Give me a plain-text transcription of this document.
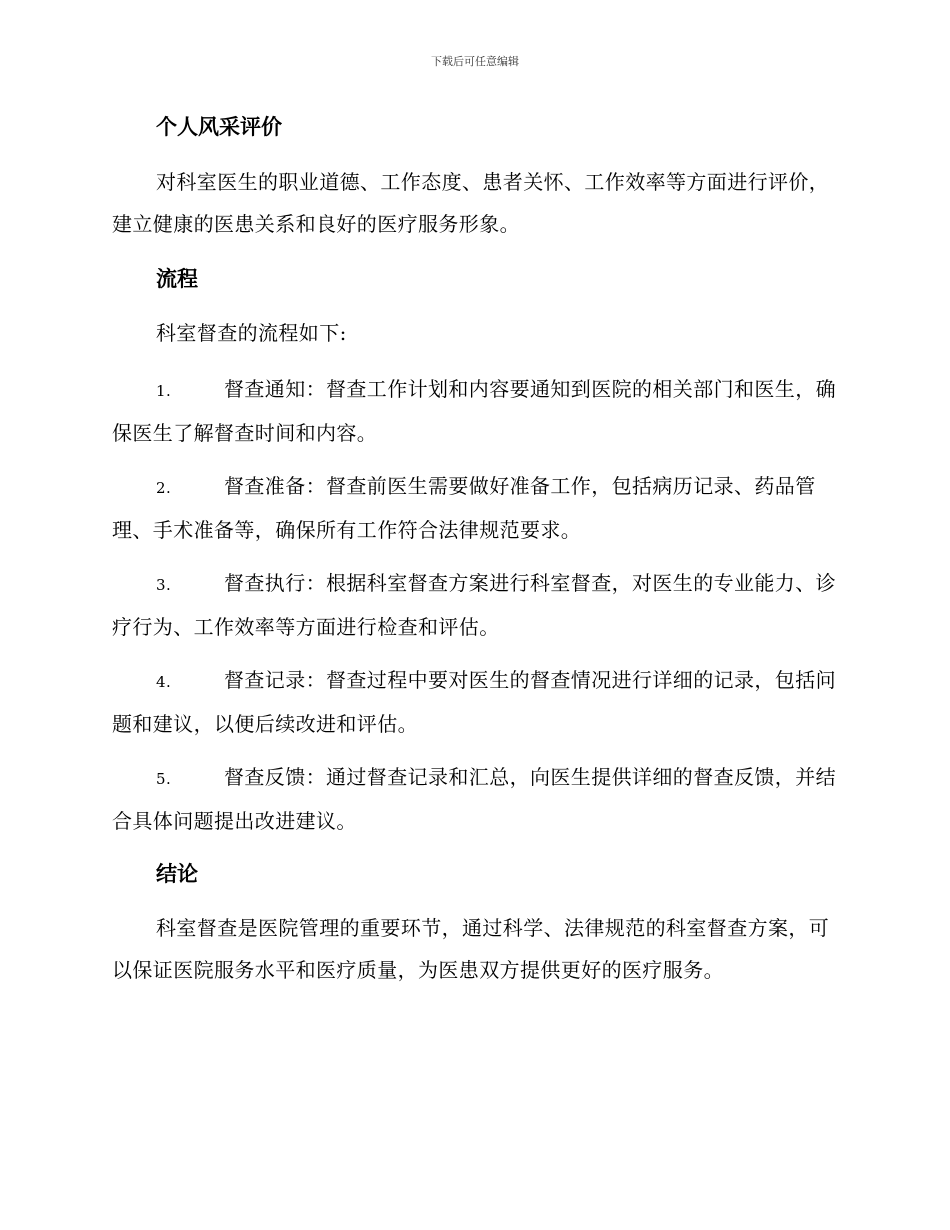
下载后可任意编辑
个人风采评价
对科室医生的职业道德、工作态度、患者关怀、工作效率等方面进行评价，建立健康的医患关系和良好的医疗服务形象。
流程
科室督查的流程如下:
1.	督查通知：督查工作计划和内容要通知到医院的相关部门和医生，确保医生了解督查时间和内容。
2.	督查准备：督查前医生需要做好准备工作，包括病历记录、药品管理、手术准备等，确保所有工作符合法律规范要求。
3.	督查执行：根据科室督查方案进行科室督查，对医生的专业能力、诊疗行为、工作效率等方面进行检查和评估。
4.	督查记录：督查过程中要对医生的督查情况进行详细的记录，包括问题和建议，以便后续改进和评估。
5.	督查反馈：通过督查记录和汇总，向医生提供详细的督查反馈，并结合具体问题提出改进建议。
结论
科室督查是医院管理的重要环节，通过科学、法律规范的科室督查方案，可以保证医院服务水平和医疗质量，为医患双方提供更好的医疗服务。
